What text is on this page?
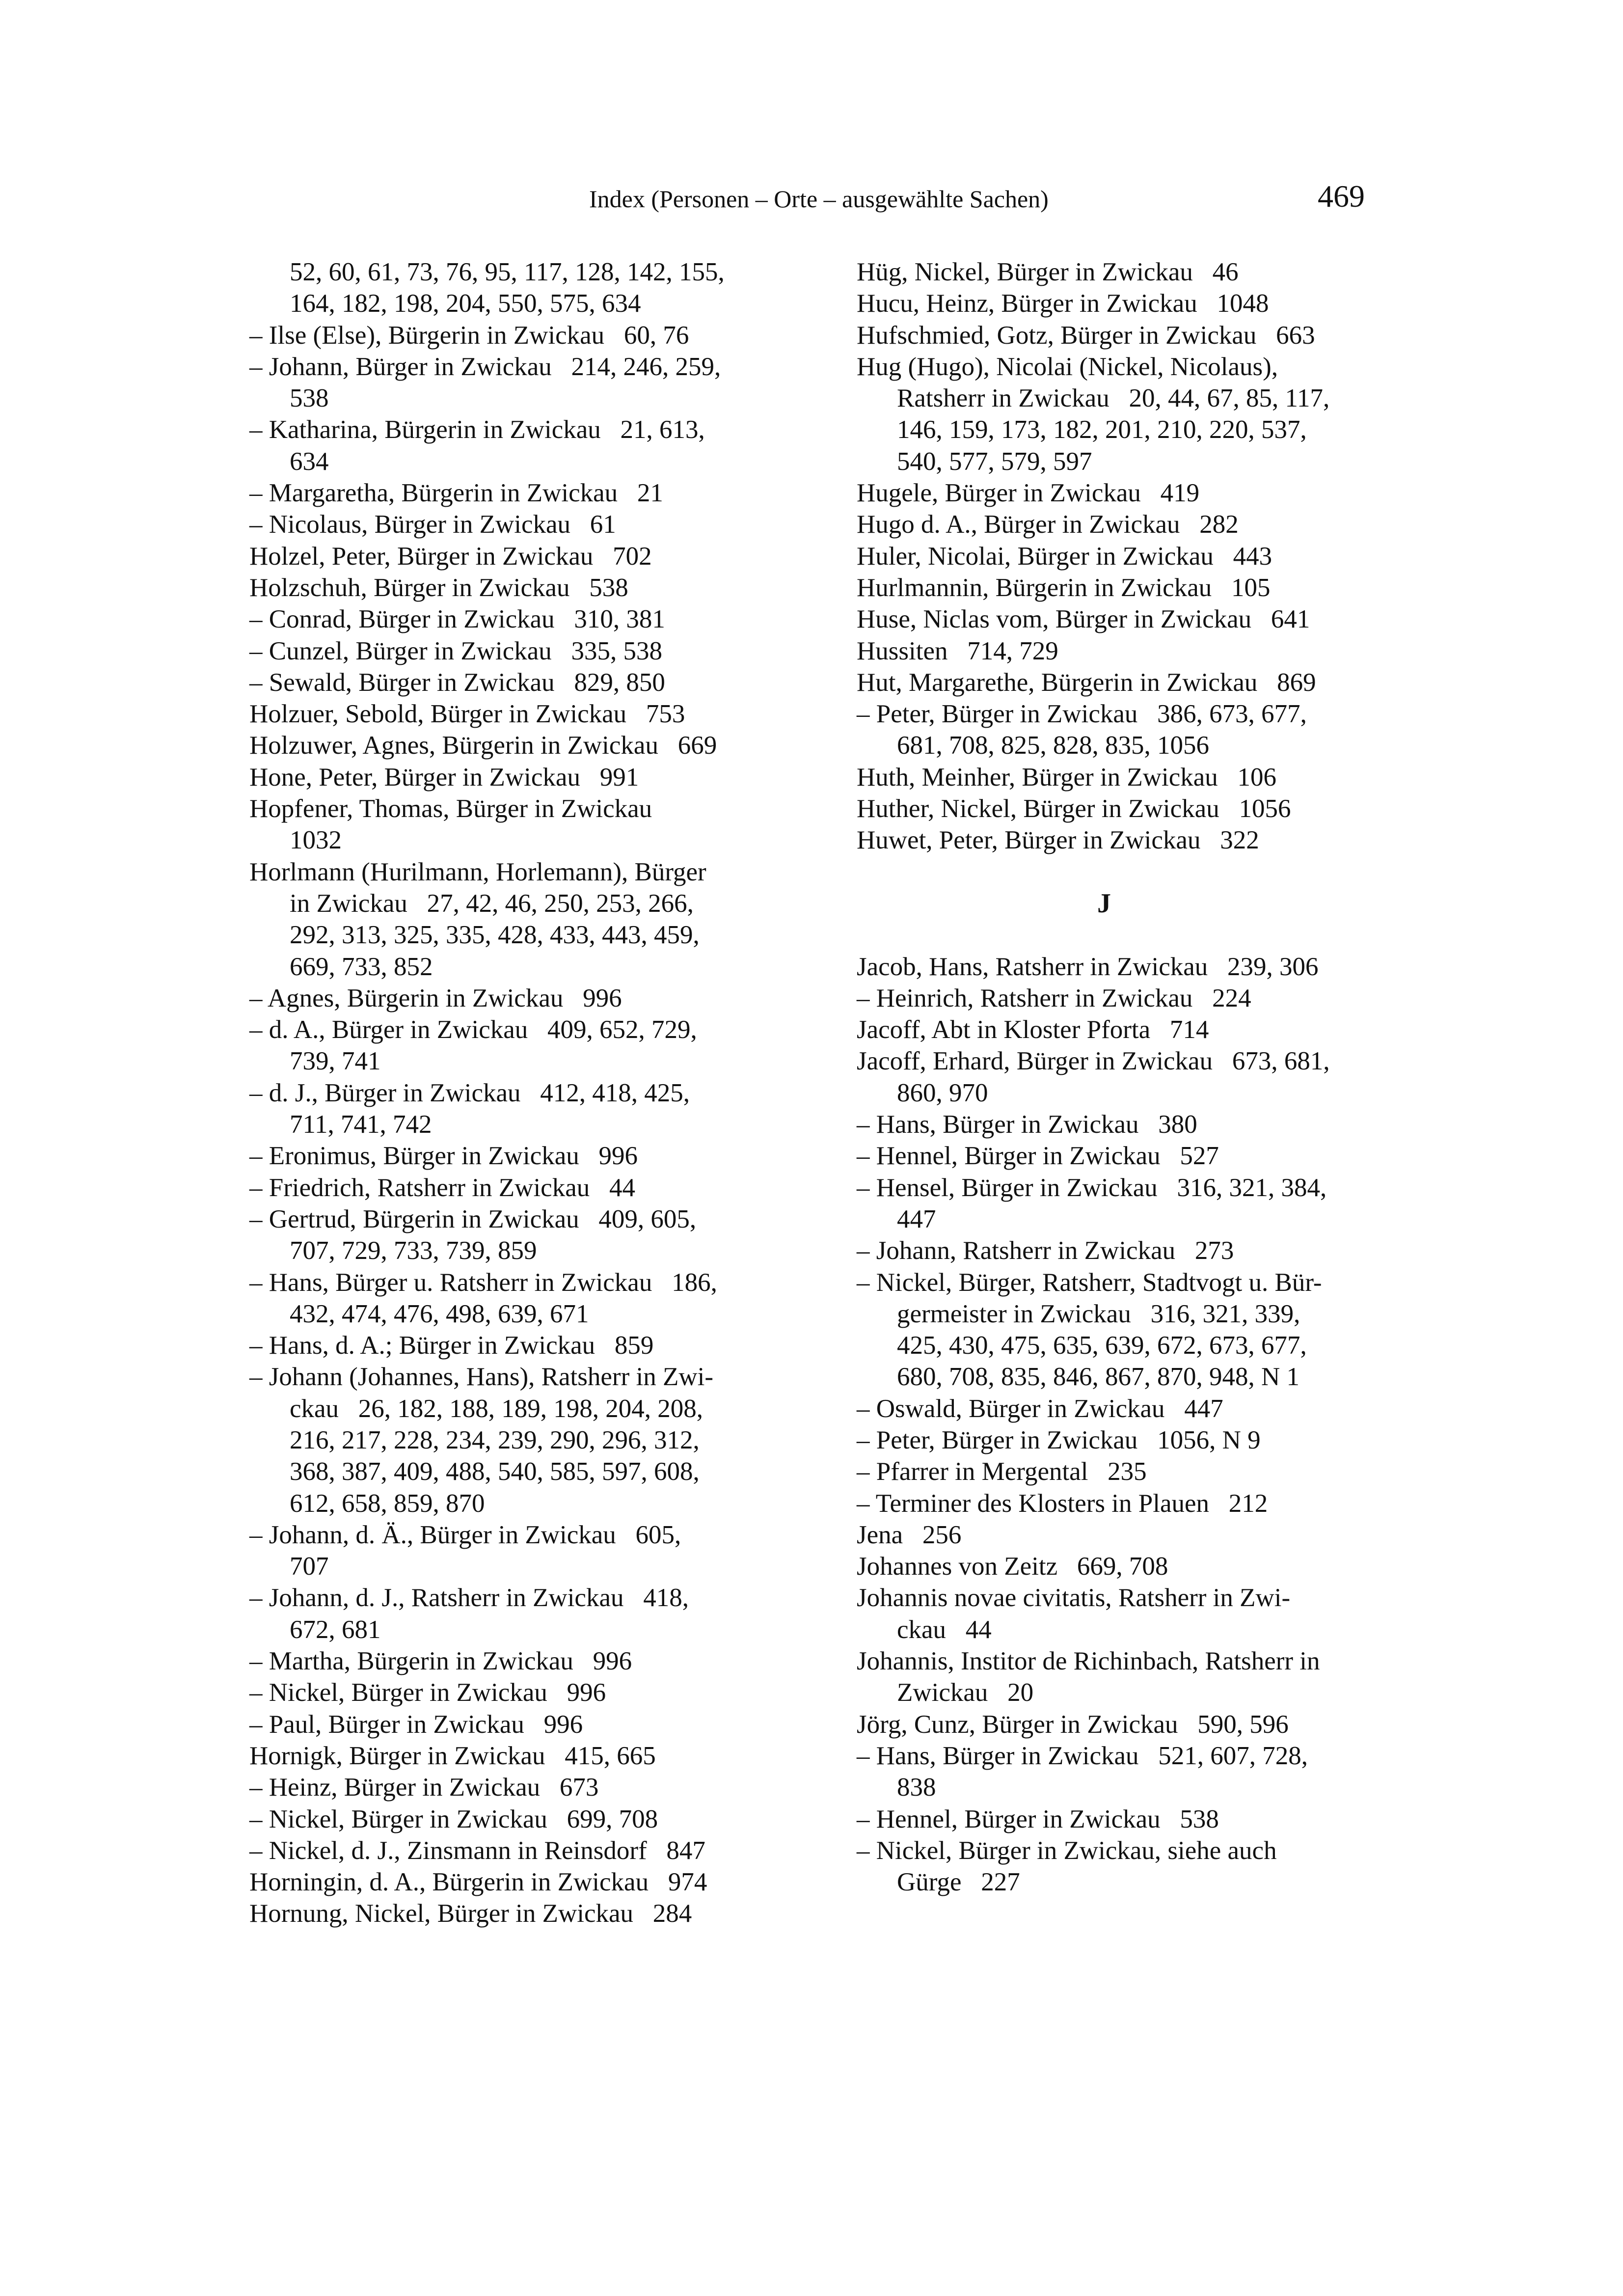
Index (Personen – Orte – ausgewählte Sachen)	469

52, 60, 61, 73, 76, 95, 117, 128, 142, 155,

164, 182, 198, 204, 550, 575, 634

– Ilse (Else), Bürgerin in Zwickau   60, 76

– Johann, Bürger in Zwickau   214, 246, 259,

538

– Katharina, Bürgerin in Zwickau   21, 613,

634

– Margaretha, Bürgerin in Zwickau   21

– Nicolaus, Bürger in Zwickau   61

Holzel, Peter, Bürger in Zwickau   702

Holzschuh, Bürger in Zwickau   538

– Conrad, Bürger in Zwickau   310, 381

– Cunzel, Bürger in Zwickau   335, 538

– Sewald, Bürger in Zwickau   829, 850

Holzuer, Sebold, Bürger in Zwickau   753

Holzuwer, Agnes, Bürgerin in Zwickau   669

Hone, Peter, Bürger in Zwickau   991

Hopfener, Thomas, Bürger in Zwickau

1032

Horlmann (Hurilmann, Horlemann), Bürger

in Zwickau   27, 42, 46, 250, 253, 266,

292, 313, 325, 335, 428, 433, 443, 459,

669, 733, 852

– Agnes, Bürgerin in Zwickau   996

– d. A., Bürger in Zwickau   409, 652, 729,

739, 741

– d. J., Bürger in Zwickau   412, 418, 425,

711, 741, 742

– Eronimus, Bürger in Zwickau   996

– Friedrich, Ratsherr in Zwickau   44

– Gertrud, Bürgerin in Zwickau   409, 605,

707, 729, 733, 739, 859

– Hans, Bürger u. Ratsherr in Zwickau   186,

432, 474, 476, 498, 639, 671

– Hans, d. A.; Bürger in Zwickau   859

– Johann (Johannes, Hans), Ratsherr in Zwi-

ckau   26, 182, 188, 189, 198, 204, 208,

216, 217, 228, 234, 239, 290, 296, 312,

368, 387, 409, 488, 540, 585, 597, 608,

612, 658, 859, 870

– Johann, d. Ä., Bürger in Zwickau   605,

707

– Johann, d. J., Ratsherr in Zwickau   418,

672, 681

– Martha, Bürgerin in Zwickau   996

– Nickel, Bürger in Zwickau   996

– Paul, Bürger in Zwickau   996

Hornigk, Bürger in Zwickau   415, 665

– Heinz, Bürger in Zwickau   673

– Nickel, Bürger in Zwickau   699, 708

– Nickel, d. J., Zinsmann in Reinsdorf   847

Horningin, d. A., Bürgerin in Zwickau   974

Hornung, Nickel, Bürger in Zwickau   284

Hüg, Nickel, Bürger in Zwickau   46

Hucu, Heinz, Bürger in Zwickau   1048

Hufschmied, Gotz, Bürger in Zwickau   663

Hug (Hugo), Nicolai (Nickel, Nicolaus),

Ratsherr in Zwickau   20, 44, 67, 85, 117,

146, 159, 173, 182, 201, 210, 220, 537,

540, 577, 579, 597

Hugele, Bürger in Zwickau   419

Hugo d. A., Bürger in Zwickau   282

Huler, Nicolai, Bürger in Zwickau   443

Hurlmannin, Bürgerin in Zwickau   105

Huse, Niclas vom, Bürger in Zwickau   641

Hussiten   714, 729

Hut, Margarethe, Bürgerin in Zwickau   869

– Peter, Bürger in Zwickau   386, 673, 677,

681, 708, 825, 828, 835, 1056

Huth, Meinher, Bürger in Zwickau   106

Huther, Nickel, Bürger in Zwickau   1056

Huwet, Peter, Bürger in Zwickau   322

J

Jacob, Hans, Ratsherr in Zwickau   239, 306

– Heinrich, Ratsherr in Zwickau   224

Jacoff, Abt in Kloster Pforta   714

Jacoff, Erhard, Bürger in Zwickau   673, 681,

860, 970

– Hans, Bürger in Zwickau   380

– Hennel, Bürger in Zwickau   527

– Hensel, Bürger in Zwickau   316, 321, 384,

447

– Johann, Ratsherr in Zwickau   273

– Nickel, Bürger, Ratsherr, Stadtvogt u. Bür-

germeister in Zwickau   316, 321, 339,

425, 430, 475, 635, 639, 672, 673, 677,

680, 708, 835, 846, 867, 870, 948, N 1

– Oswald, Bürger in Zwickau   447

– Peter, Bürger in Zwickau   1056, N 9

– Pfarrer in Mergental   235

– Terminer des Klosters in Plauen   212

Jena   256

Johannes von Zeitz   669, 708

Johannis novae civitatis, Ratsherr in Zwi-

ckau   44

Johannis, Institor de Richinbach, Ratsherr in

Zwickau   20

Jörg, Cunz, Bürger in Zwickau   590, 596

– Hans, Bürger in Zwickau   521, 607, 728,

838

– Hennel, Bürger in Zwickau   538

– Nickel, Bürger in Zwickau, siehe auch

Gürge   227
